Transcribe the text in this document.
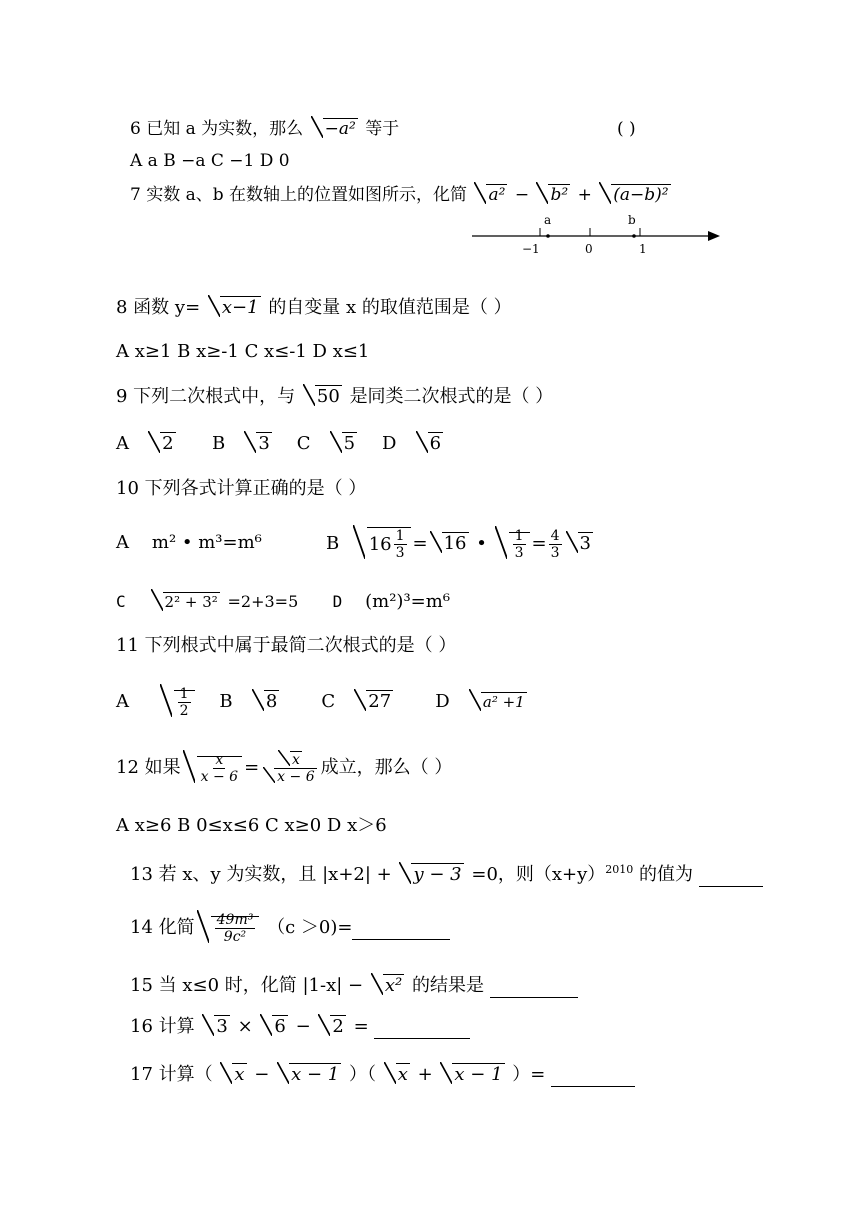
6 已知 a 为实数，那么 −a² 等于	( )
A a B −a C −1 D 0
7 实数 a、b 在数轴上的位置如图所示，化简 a² − b² + (a−b)²
a	b
−1	0	1
8 函数 y= x−1 的自变量 x 的取值范围是（ ）
A x≥1 B x≥-1 C x≤-1 D x≤1
9 下列二次根式中，与 50 是同类二次根式的是（ ）
A 2 B 3 C 5 D 6
10 下列各式计算正确的是（ ）
A m² • m³=m⁶	B
$16 \frac{1}{3} = 16$
•
$\frac{1}{3} = \frac{4}{3}$	3
C	2² + 3² =2+3=5 D (m²)³=m⁶
11 下列根式中属于最简二次根式的是（ ）
A
	$\frac{1}{2}$
B
	8
C
	27
D
	a² +1
12 如果 $\frac{x}{x - 6} = \frac{x}{x - 6}$ 成立，那么（ ）
A x≥6 B 0≤x≤6 C x≥0 D x＞6
13 若 x、y 为实数，且 |x+2| + y − 3 =0，则$(x+y)^{2010}$ 的值为
14 化简 $\frac{\text{49m³}}{\text{9c²}}$
（c ＞0)=

15 当 x≤0 时，化简 |1-x| − x² 的结果是
16 计算 3 × 6 − 2 =
17 计算（ x − x − 1 ）（ x + x − 1 ）=
